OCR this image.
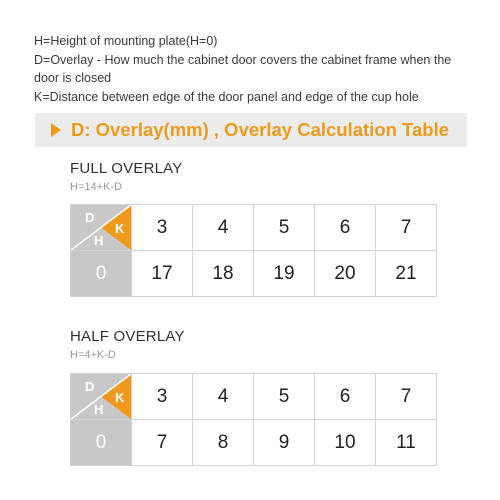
H=Height of mounting plate(H=0)

D=Overlay - How much the cabinet door covers the cabinet frame when the door is closed

K=Distance between edge of the door panel and edge of the cup hole

D: Overlay(mm) , Overlay Calculation Table
FULL OVERLAY
H=14+K-D
D
H
K	3	4	5	6	7
0	17	18	19	20	21
HALF OVERLAY
H=4+K-D
D
H
K	3	4	5	6	7
0	7	8	9	10	11
